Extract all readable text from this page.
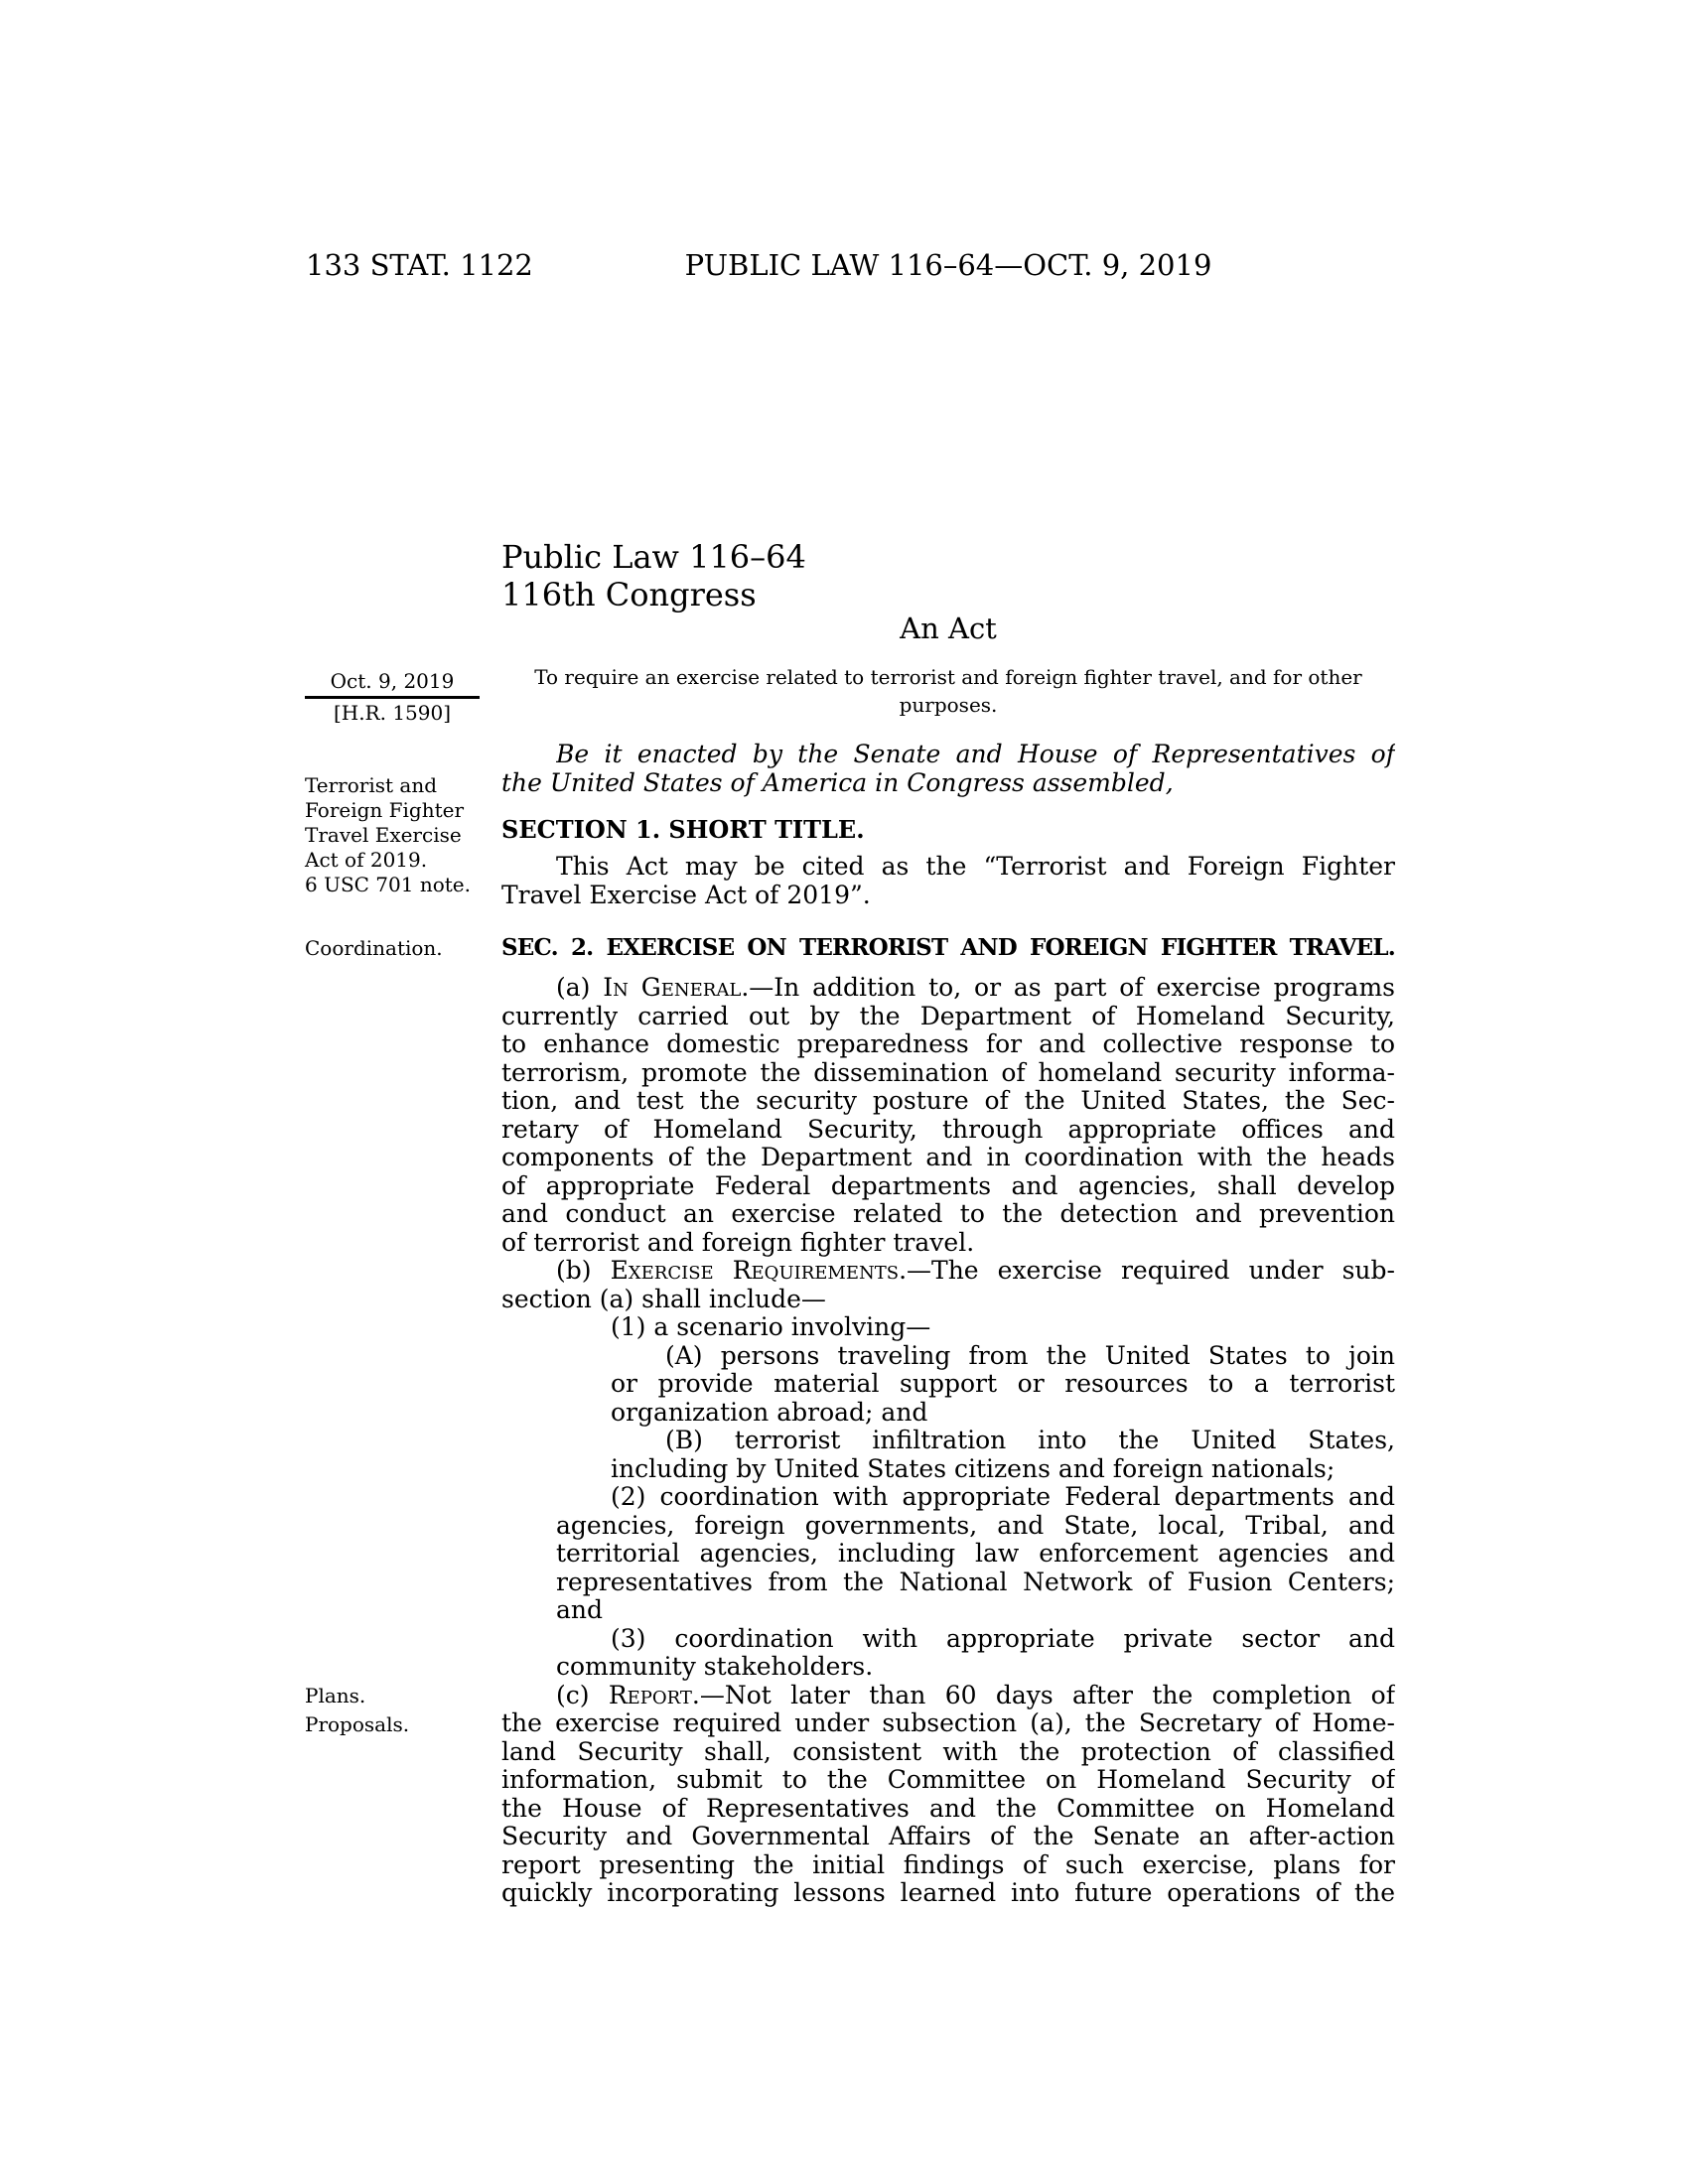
133 STAT. 1122	PUBLIC LAW 116–64—OCT. 9, 2019
Public Law 116–64
116th Congress
An Act
To require an exercise related to terrorist and foreign fighter travel, and for other
purposes.
Oct. 9, 2019
[H.R. 1590]
Terrorist and
Foreign Fighter
Travel Exercise
Act of 2019.
6 USC 701 note.
Coordination.
Plans.
Proposals.
Be it enacted by the Senate and House of Representatives of
the United States of America in Congress assembled,
SECTION 1. SHORT TITLE.
This Act may be cited as the “Terrorist and Foreign Fighter
Travel Exercise Act of 2019”.
SEC. 2. EXERCISE ON TERRORIST AND FOREIGN FIGHTER TRAVEL.
(a) In General.—In addition to, or as part of exercise programs
currently carried out by the Department of Homeland Security,
to enhance domestic preparedness for and collective response to
terrorism, promote the dissemination of homeland security informa-
tion, and test the security posture of the United States, the Sec-
retary of Homeland Security, through appropriate offices and
components of the Department and in coordination with the heads
of appropriate Federal departments and agencies, shall develop
and conduct an exercise related to the detection and prevention
of terrorist and foreign fighter travel.
(b) Exercise Requirements.—The exercise required under sub-
section (a) shall include—
(1) a scenario involving—
(A) persons traveling from the United States to join
or provide material support or resources to a terrorist
organization abroad; and
(B) terrorist infiltration into the United States,
including by United States citizens and foreign nationals;
(2) coordination with appropriate Federal departments and
agencies, foreign governments, and State, local, Tribal, and
territorial agencies, including law enforcement agencies and
representatives from the National Network of Fusion Centers;
and
(3) coordination with appropriate private sector and
community stakeholders.
(c) Report.—Not later than 60 days after the completion of
the exercise required under subsection (a), the Secretary of Home-
land Security shall, consistent with the protection of classified
information, submit to the Committee on Homeland Security of
the House of Representatives and the Committee on Homeland
Security and Governmental Affairs of the Senate an after-action
report presenting the initial findings of such exercise, plans for
quickly incorporating lessons learned into future operations of the
